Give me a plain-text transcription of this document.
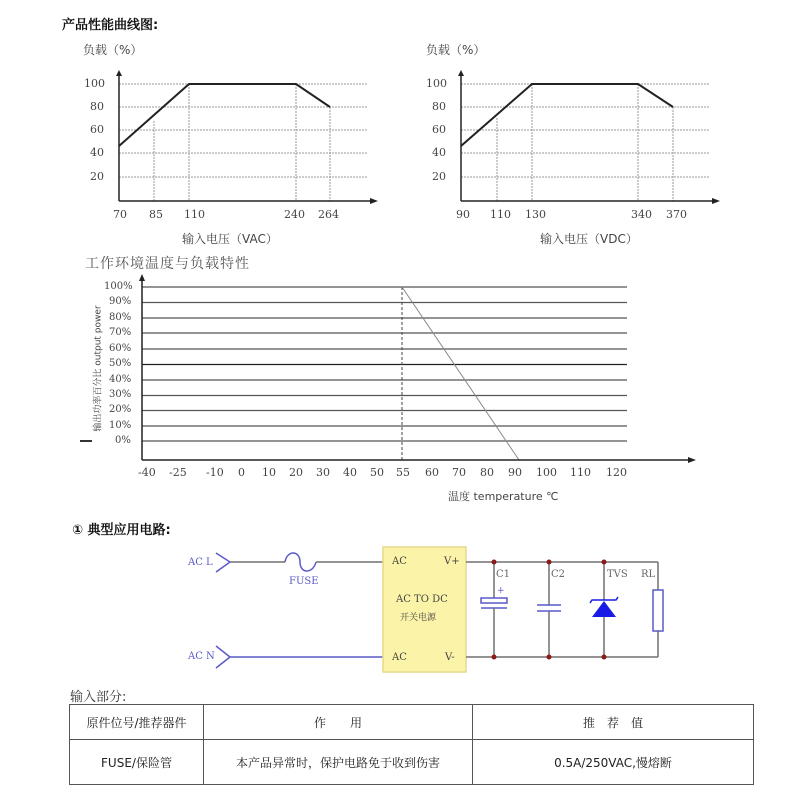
产品性能曲线图:
负载（%）
100
80
60
40
20
70 85 110	240 264
输入电压（VAC）
负载（%）
100
80
60
40
20
90 110 130	340 370
输入电压（VDC）
工作环境温度与负载特性
输出功率百分比 output power
100%
90%
80%
70%
60%
50%
40%
30%
20%
10%
0%
-40 -25 -10 0 10 20 30 40 50 55 60 70 80 90 100 110 120
温度 temperature ℃
① 典型应用电路:
+
AC L
AC N
FUSE
AC
AC
V+
V-
AC TO DC
开关电源
C1	C2	TVS RL
输入部分:
原件位号/推荐器件	作　　用	推　荐　值
FUSE/保险管	本产品异常时，保护电路免于收到伤害	0.5A/250VAC,慢熔断
